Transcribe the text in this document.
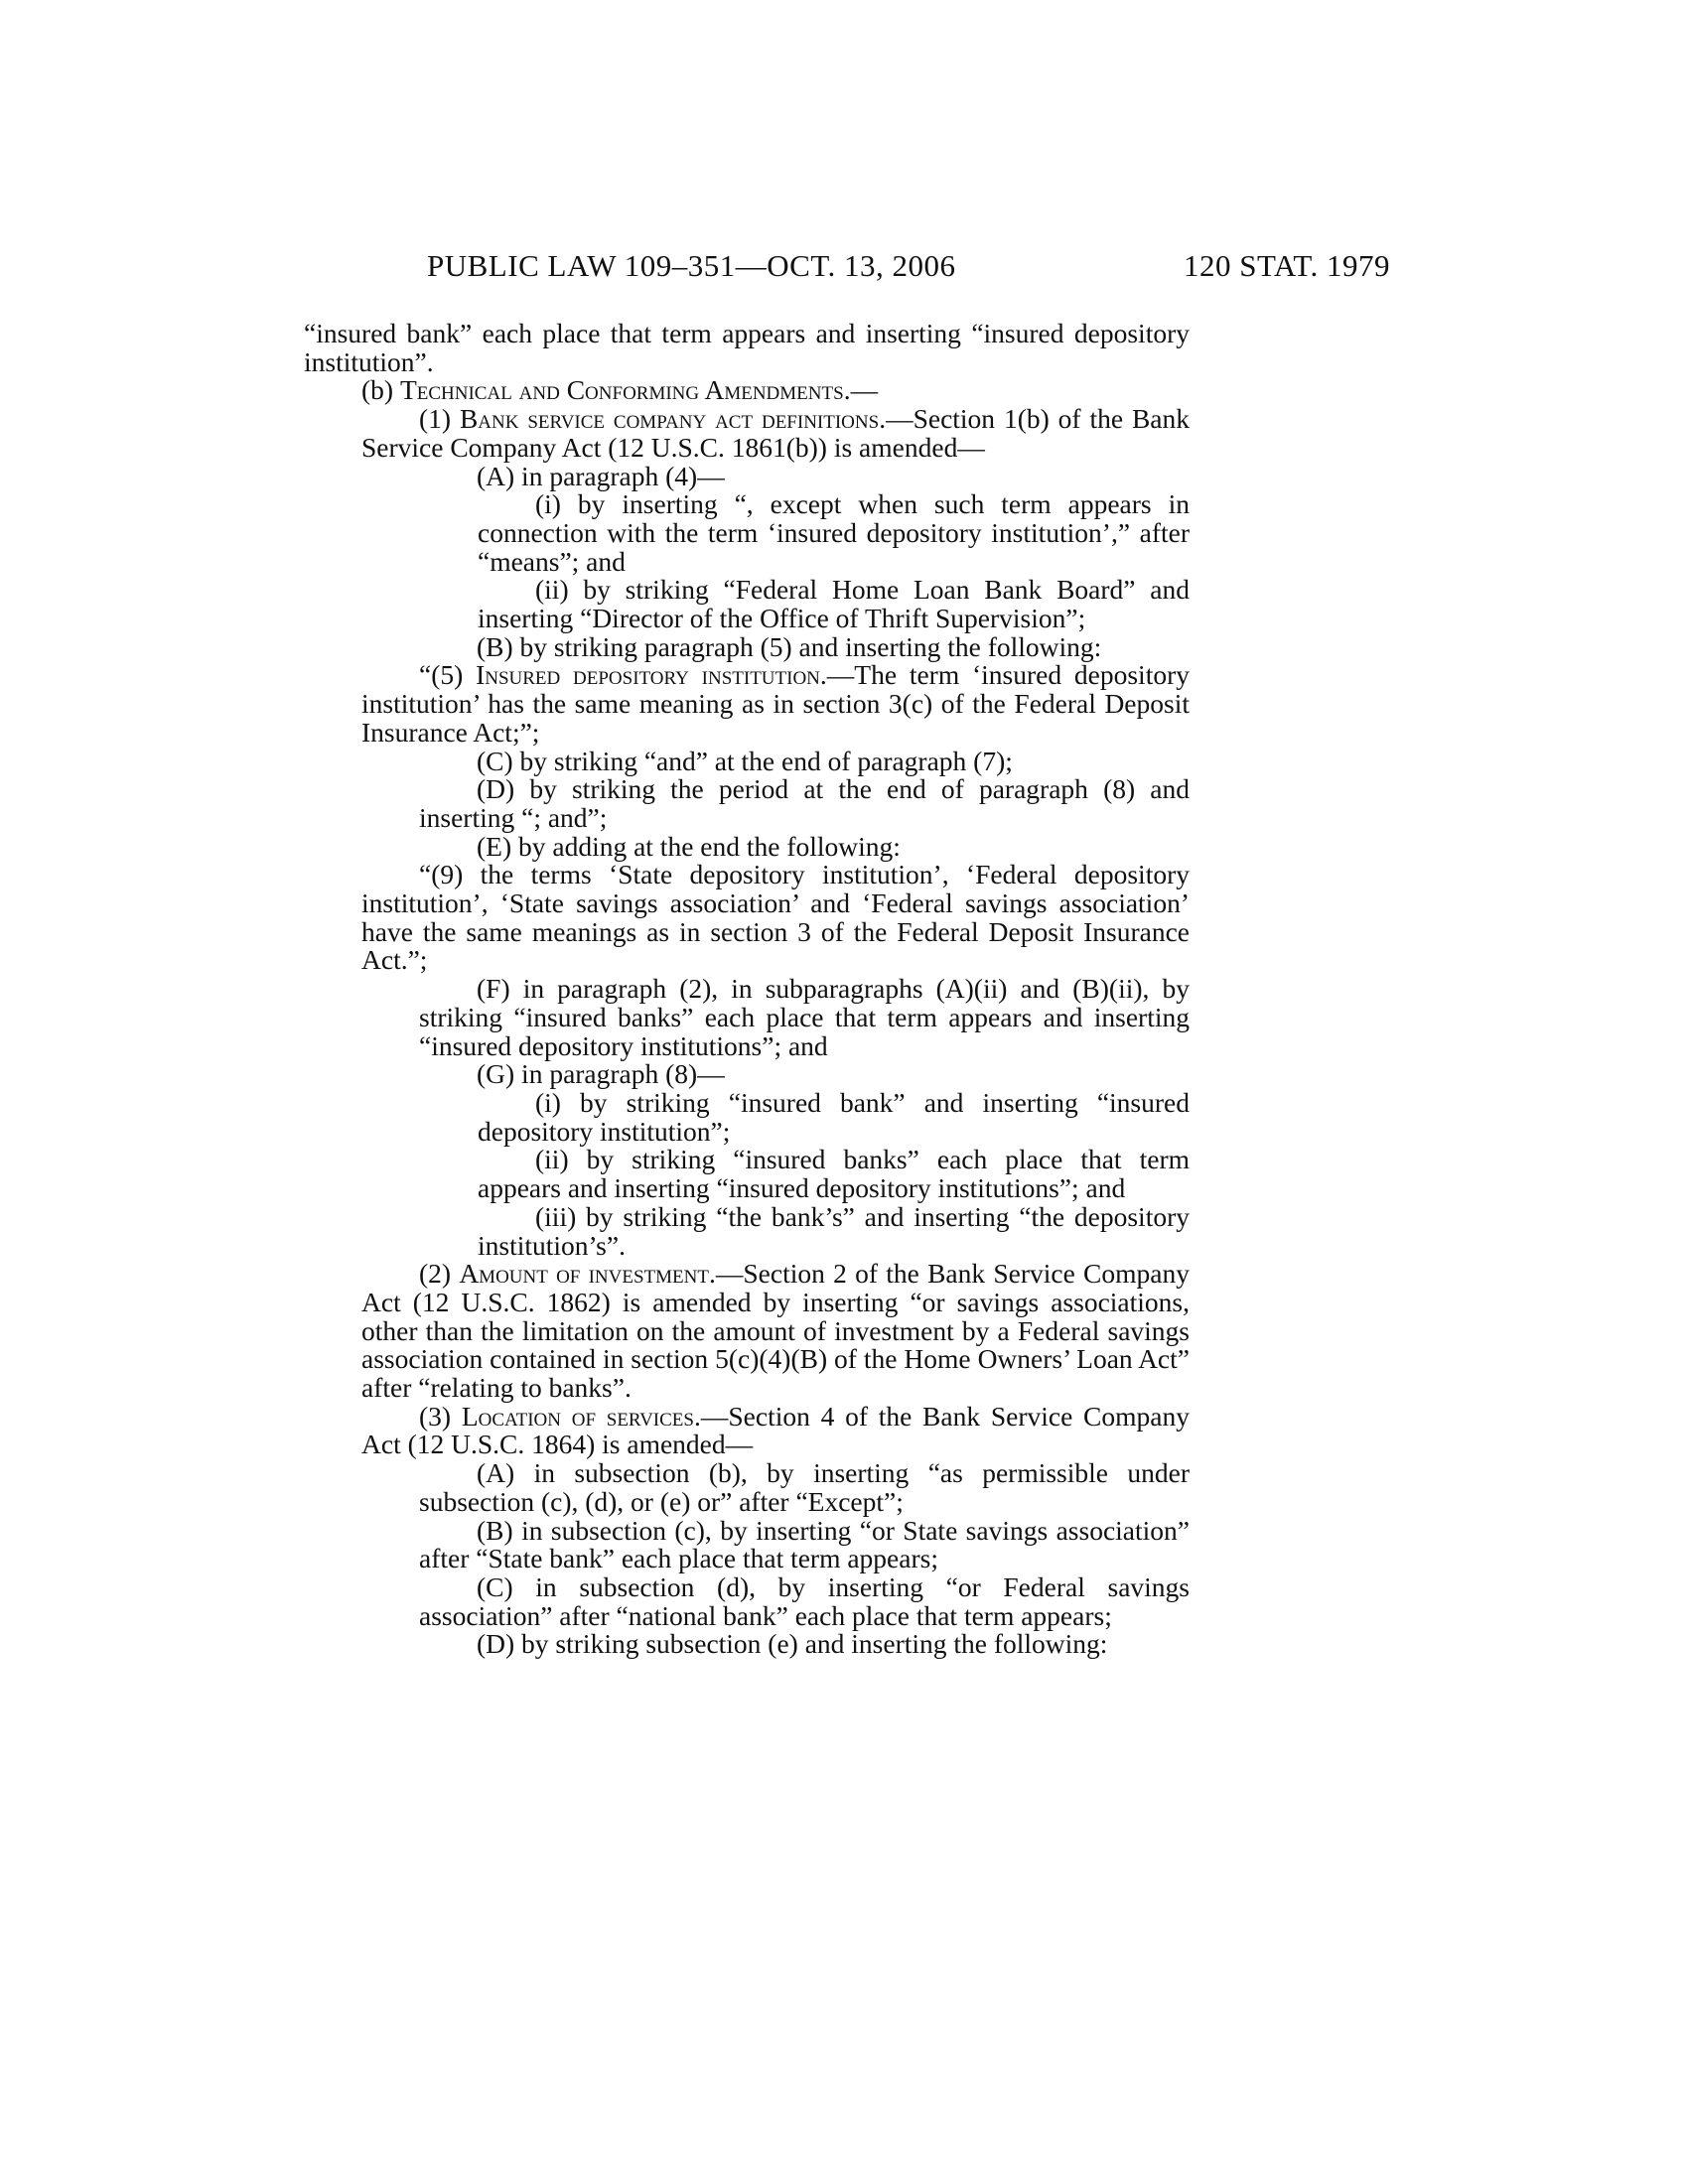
PUBLIC LAW 109–351—OCT. 13, 2006	120 STAT. 1979

“insured bank” each place that term appears and inserting “insured depository institution”.

(b) Technical and Conforming Amendments.—

(1) Bank service company act definitions.—Section 1(b) of the Bank Service Company Act (12 U.S.C. 1861(b)) is amended—

(A) in paragraph (4)—

(i) by inserting “, except when such term appears in connection with the term ‘insured depository institution’,” after “means”; and

(ii) by striking “Federal Home Loan Bank Board” and inserting “Director of the Office of Thrift Supervision”;

(B) by striking paragraph (5) and inserting the following:

“(5) Insured depository institution.—The term ‘insured depository institution’ has the same meaning as in section 3(c) of the Federal Deposit Insurance Act;”;

(C) by striking “and” at the end of paragraph (7);

(D) by striking the period at the end of paragraph (8) and inserting “; and”;

(E) by adding at the end the following:

“(9) the terms ‘State depository institution’, ‘Federal depository institution’, ‘State savings association’ and ‘Federal savings association’ have the same meanings as in section 3 of the Federal Deposit Insurance Act.”;

(F) in paragraph (2), in subparagraphs (A)(ii) and (B)(ii), by striking “insured banks” each place that term appears and inserting “insured depository institutions”; and

(G) in paragraph (8)—

(i) by striking “insured bank” and inserting “insured depository institution”;

(ii) by striking “insured banks” each place that term appears and inserting “insured depository institutions”; and

(iii) by striking “the bank’s” and inserting “the depository institution’s”.

(2) Amount of investment.—Section 2 of the Bank Service Company Act (12 U.S.C. 1862) is amended by inserting “or savings associations, other than the limitation on the amount of investment by a Federal savings association contained in section 5(c)(4)(B) of the Home Owners’ Loan Act” after “relating to banks”.

(3) Location of services.—Section 4 of the Bank Service Company Act (12 U.S.C. 1864) is amended—

(A) in subsection (b), by inserting “as permissible under subsection (c), (d), or (e) or” after “Except”;

(B) in subsection (c), by inserting “or State savings association” after “State bank” each place that term appears;

(C) in subsection (d), by inserting “or Federal savings association” after “national bank” each place that term appears;

(D) by striking subsection (e) and inserting the following:
